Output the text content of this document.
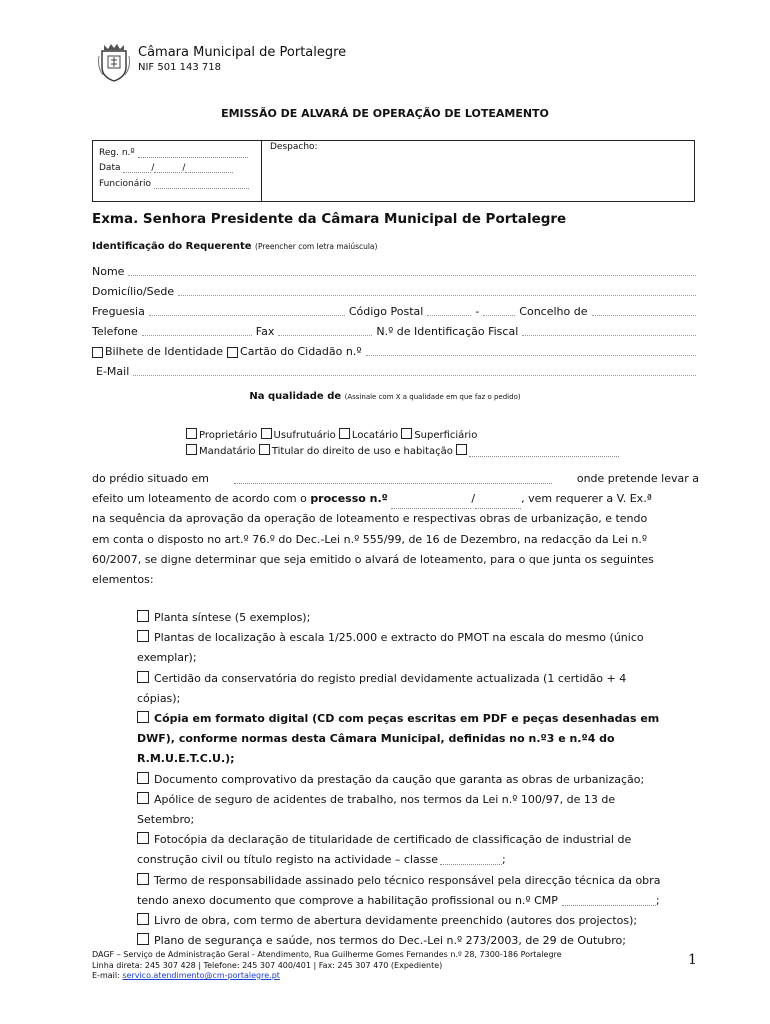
Câmara Municipal de Portalegre
NIF 501 143 718
EMISSÃO DE ALVARÁ DE OPERAÇÃO DE LOTEAMENTO
Reg. n.º
Data	/	/
Funcionário
Despacho:
Exma. Senhora Presidente da Câmara Municipal de Portalegre
Identificação do Requerente (Preencher com letra maiúscula)
Nome
Domicílio/Sede
Freguesia	Código Postal	-	Concelho de
Telefone	Fax	N.º de Identificação Fiscal
Bilhete de Identidade Cartão do Cidadão n.º
E-Mail
Na qualidade de (Assinale com X a qualidade em que faz o pedido)
Proprietário Usufrutuário Locatário Superficiário
Mandatário Titular do direito de uso e habitação
do prédio situado em	onde pretende levar a
efeito um loteamento de acordo com o processo n.º	/	, vem requerer a V. Ex.ª
na sequência da aprovação da operação de loteamento e respectivas obras de urbanização, e tendo
em conta o disposto no art.º 76.º do Dec.-Lei n.º 555/99, de 16 de Dezembro, na redacção da Lei n.º
60/2007, se digne determinar que seja emitido o alvará de loteamento, para o que junta os seguintes
elementos:
Planta síntese (5 exemplos);
Plantas de localização à escala 1/25.000 e extracto do PMOT na escala do mesmo (único
exemplar);
Certidão da conservatória do registo predial devidamente actualizada (1 certidão + 4
cópias);
Cópia em formato digital (CD com peças escritas em PDF e peças desenhadas em
DWF), conforme normas desta Câmara Municipal, definidas no n.º3 e n.º4 do
R.M.U.E.T.C.U.);
Documento comprovativo da prestação da caução que garanta as obras de urbanização;
Apólice de seguro de acidentes de trabalho, nos termos da Lei n.º 100/97, de 13 de
Setembro;
Fotocópia da declaração de titularidade de certificado de classificação de industrial de
construção civil ou título registo na actividade – classe	;
Termo de responsabilidade assinado pelo técnico responsável pela direcção técnica da obra
tendo anexo documento que comprove a habilitação profissional ou n.º CMP	;
Livro de obra, com termo de abertura devidamente preenchido (autores dos projectos);
Plano de segurança e saúde, nos termos do Dec.-Lei n.º 273/2003, de 29 de Outubro;
DAGF – Serviço de Administração Geral - Atendimento, Rua Guilherme Gomes Fernandes n.º 28, 7300-186 Portalegre
Linha direta: 245 307 428 | Telefone: 245 307 400/401 | Fax: 245 307 470 (Expediente)
E-mail: servico.atendimento@cm-portalegre.pt
1
